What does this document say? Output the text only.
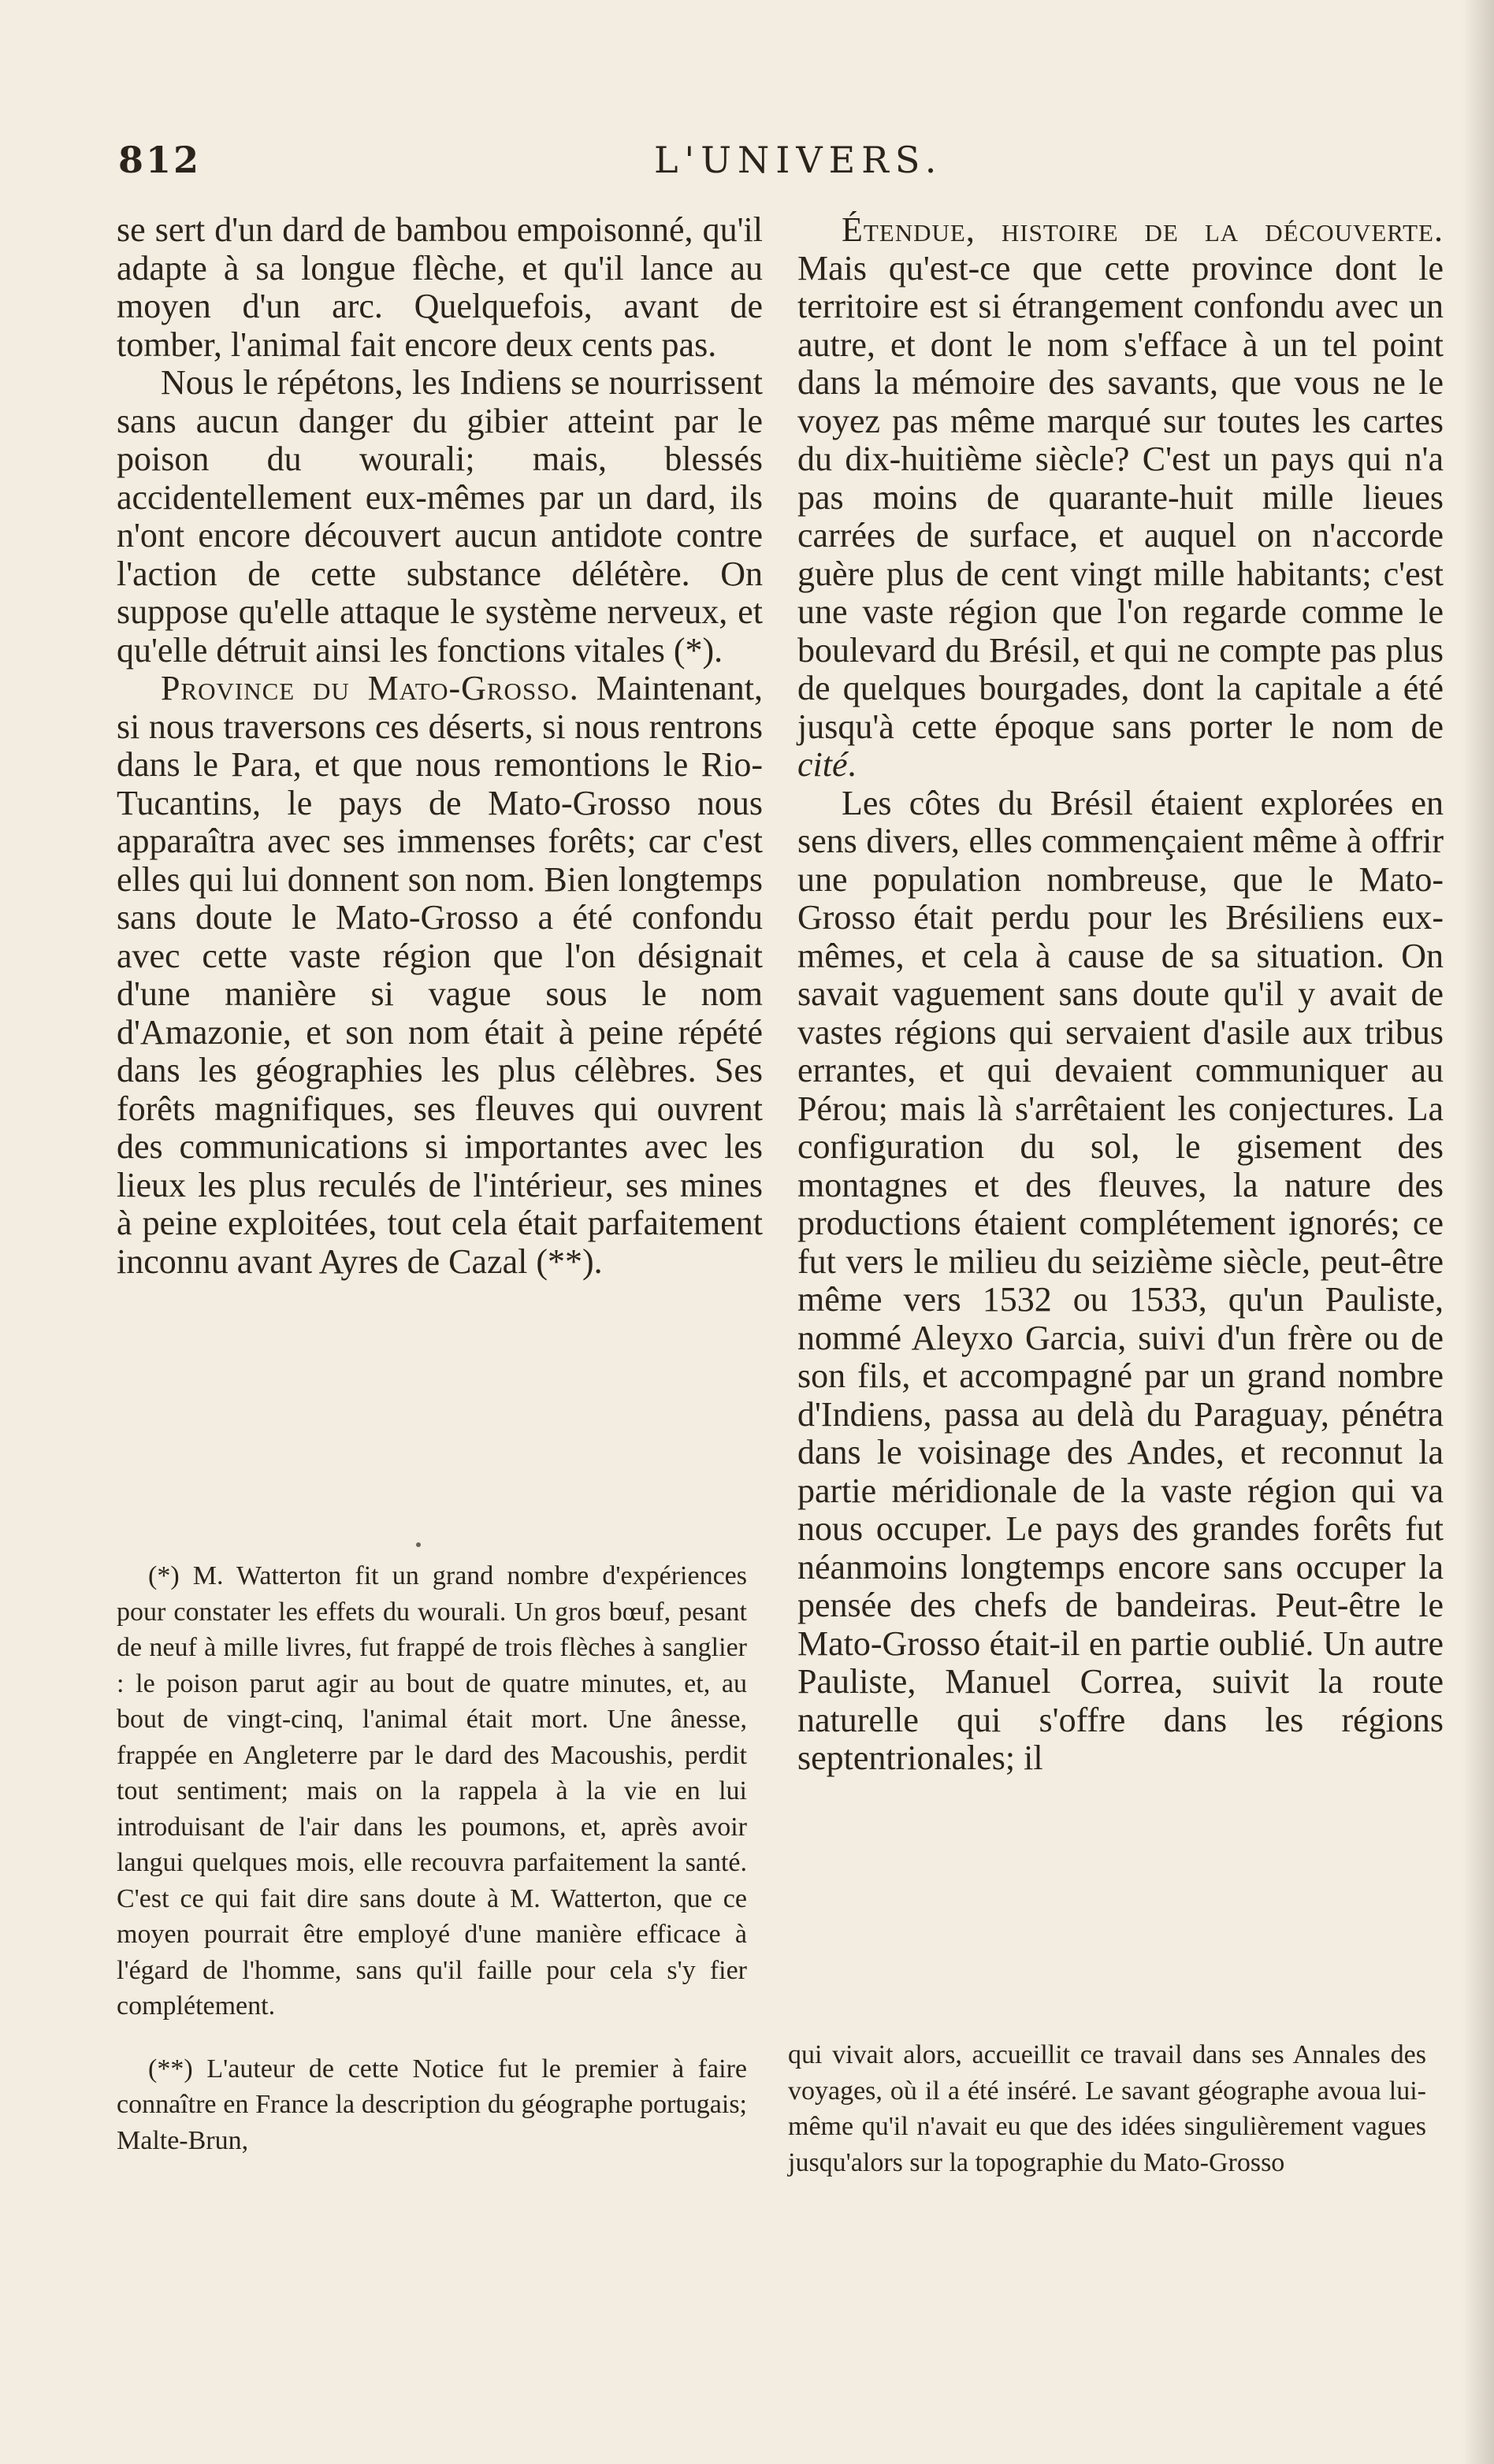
812	L'UNIVERS.

se sert d'un dard de bambou empoisonné, qu'il adapte à sa longue flèche, et qu'il lance au moyen d'un arc. Quelquefois, avant de tomber, l'animal fait encore deux cents pas.

Nous le répétons, les Indiens se nourrissent sans aucun danger du gibier atteint par le poison du wourali; mais, blessés accidentellement eux-mêmes par un dard, ils n'ont encore découvert aucun antidote contre l'action de cette substance délétère. On suppose qu'elle attaque le système nerveux, et qu'elle détruit ainsi les fonctions vitales (*).

Province du Mato-Grosso. Maintenant, si nous traversons ces déserts, si nous rentrons dans le Para, et que nous remontions le Rio-Tucantins, le pays de Mato-Grosso nous apparaîtra avec ses immenses forêts; car c'est elles qui lui donnent son nom. Bien longtemps sans doute le Mato-Grosso a été confondu avec cette vaste région que l'on désignait d'une manière si vague sous le nom d'Amazonie, et son nom était à peine répété dans les géographies les plus célèbres. Ses forêts magnifiques, ses fleuves qui ouvrent des communications si importantes avec les lieux les plus reculés de l'intérieur, ses mines à peine exploitées, tout cela était parfaitement inconnu avant Ayres de Cazal (**).

(*) M. Watterton fit un grand nombre d'expériences pour constater les effets du wourali. Un gros bœuf, pesant de neuf à mille livres, fut frappé de trois flèches à sanglier : le poison parut agir au bout de quatre minutes, et, au bout de vingt-cinq, l'animal était mort. Une ânesse, frappée en Angleterre par le dard des Macoushis, perdit tout sentiment; mais on la rappela à la vie en lui introduisant de l'air dans les poumons, et, après avoir langui quelques mois, elle recouvra parfaitement la santé. C'est ce qui fait dire sans doute à M. Watterton, que ce moyen pourrait être employé d'une manière efficace à l'égard de l'homme, sans qu'il faille pour cela s'y fier complétement.

(**) L'auteur de cette Notice fut le premier à faire connaître en France la description du géographe portugais; Malte-Brun,

Étendue, histoire de la découverte. Mais qu'est-ce que cette province dont le territoire est si étrangement confondu avec un autre, et dont le nom s'efface à un tel point dans la mémoire des savants, que vous ne le voyez pas même marqué sur toutes les cartes du dix-huitième siècle? C'est un pays qui n'a pas moins de quarante-huit mille lieues carrées de surface, et auquel on n'accorde guère plus de cent vingt mille habitants; c'est une vaste région que l'on regarde comme le boulevard du Brésil, et qui ne compte pas plus de quelques bourgades, dont la capitale a été jusqu'à cette époque sans porter le nom de cité.

Les côtes du Brésil étaient explorées en sens divers, elles commençaient même à offrir une population nombreuse, que le Mato-Grosso était perdu pour les Brésiliens eux-mêmes, et cela à cause de sa situation. On savait vaguement sans doute qu'il y avait de vastes régions qui servaient d'asile aux tribus errantes, et qui devaient communiquer au Pérou; mais là s'arrêtaient les conjectures. La configuration du sol, le gisement des montagnes et des fleuves, la nature des productions étaient complétement ignorés; ce fut vers le milieu du seizième siècle, peut-être même vers 1532 ou 1533, qu'un Pauliste, nommé Aleyxo Garcia, suivi d'un frère ou de son fils, et accompagné par un grand nombre d'Indiens, passa au delà du Paraguay, pénétra dans le voisinage des Andes, et reconnut la partie méridionale de la vaste région qui va nous occuper. Le pays des grandes forêts fut néanmoins longtemps encore sans occuper la pensée des chefs de bandeiras. Peut-être le Mato-Grosso était-il en partie oublié. Un autre Pauliste, Manuel Correa, suivit la route naturelle qui s'offre dans les régions septentrionales; il

qui vivait alors, accueillit ce travail dans ses Annales des voyages, où il a été inséré. Le savant géographe avoua lui-même qu'il n'avait eu que des idées singulièrement vagues jusqu'alors sur la topographie du Mato-Grosso
